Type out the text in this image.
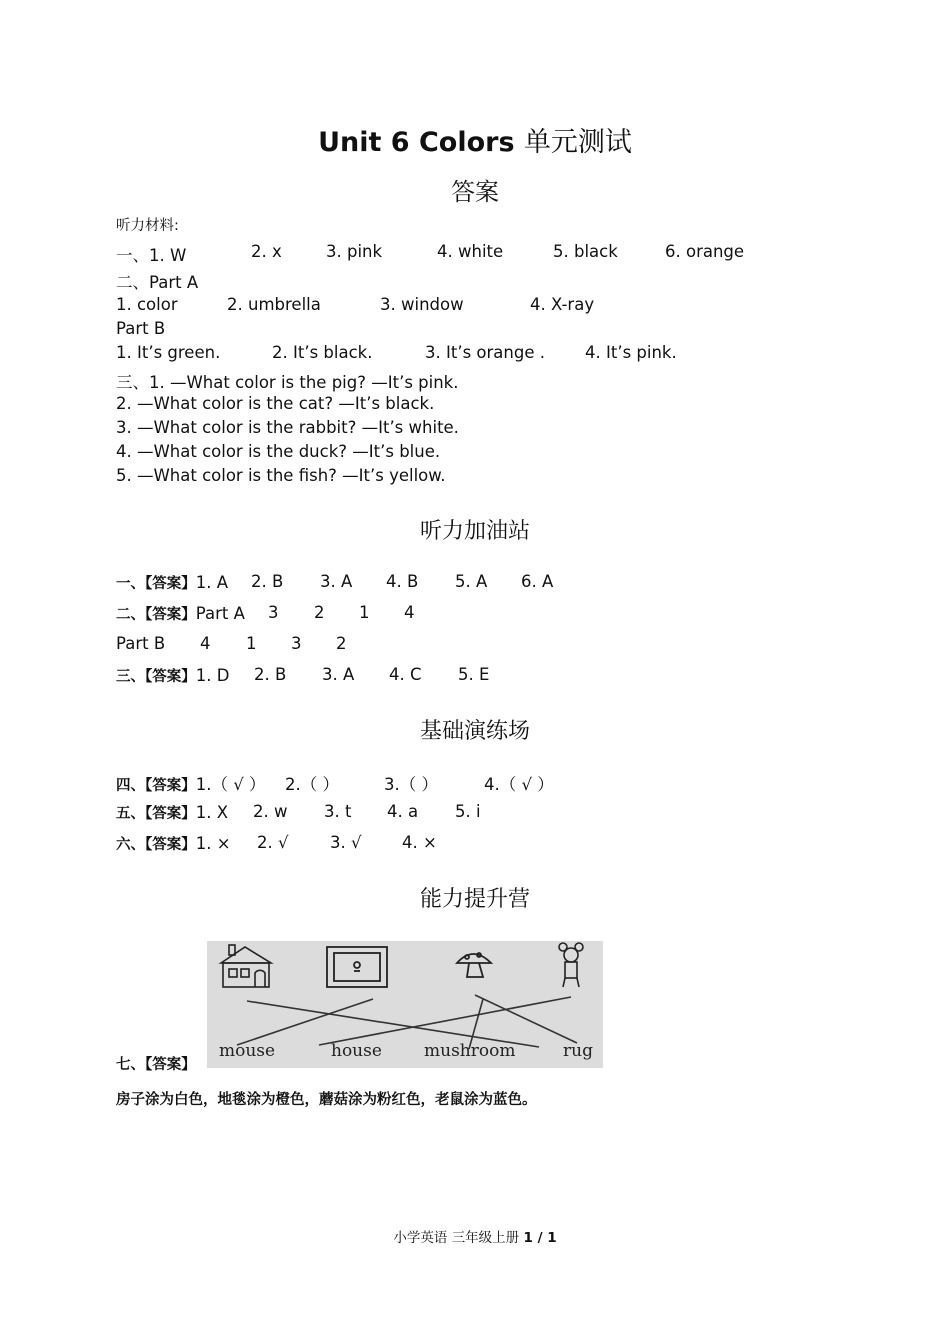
Unit 6 Colors 单元测试
答案
听力材料:
一、1. W	2. x	3. pink	4. white	5. black	6. orange
二、Part A
1. color	2. umbrella	3. window	4. X-ray
Part B
1. It’s green.	2. It’s black.	3. It’s orange . 4. It’s pink.
三、1. —What color is the pig? —It’s pink.
2. —What color is the cat? —It’s black.
3. —What color is the rabbit? —It’s white.
4. —What color is the duck? —It’s blue.
5. —What color is the fish? —It’s yellow.
听力加油站
一、【答案】1. A 2. B 3. A 4. B 5. A 6. A
二、【答案】Part A 3 2 1 4
Part B 4 1 3 2
三、【答案】1. D 2. B 3. A 4. C 5. E
基础演练场
四、【答案】1.（ √ ） 2.（ ）	3.（ ）	4.（ √ ）
五、【答案】1. X 2. w 3. t 4. a 5. i
六、【答案】1. × 2. √	3. √ 4. ×
能力提升营
七、【答案】
mouse	house mushroom	rug
房子涂为白色，地毯涂为橙色，蘑菇涂为粉红色，老鼠涂为蓝色。
小学英语 三年级上册 1 / 1
